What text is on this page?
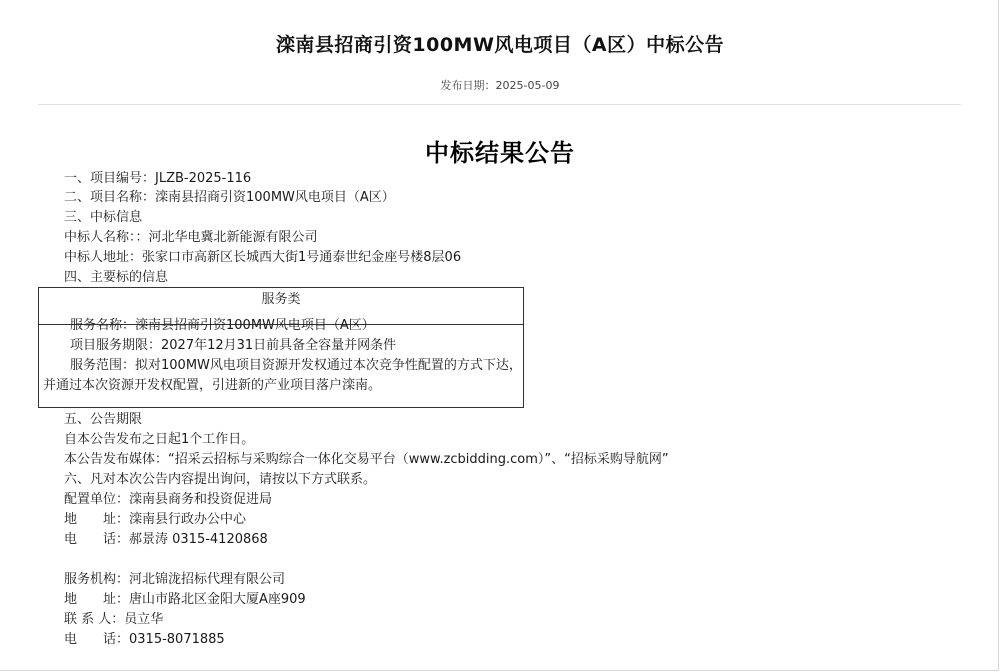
滦南县招商引资100MW风电项目（A区）中标公告
发布日期：2025-05-09
中标结果公告
一、项目编号：JLZB-2025-116
二、项目名称：滦南县招商引资100MW风电项目（A区）
三、中标信息
中标人名称：：河北华电冀北新能源有限公司
中标人地址：张家口市高新区长城西大街1号通泰世纪金座号楼8层06
四、主要标的信息
服务类
服务名称：滦南县招商引资100MW风电项目（A区）
项目服务期限：2027年12月31日前具备全容量并网条件
服务范围：拟对100MW风电项目资源开发权通过本次竞争性配置的方式下达，
并通过本次资源开发权配置，引进新的产业项目落户滦南。
五、公告期限
自本公告发布之日起1个工作日。
本公告发布媒体：“招采云招标与采购综合一体化交易平台（www.zcbidding.com）”、“招标采购导航网”
六、凡对本次公告内容提出询问，请按以下方式联系。
配置单位：滦南县商务和投资促进局
地　　址：滦南县行政办公中心
电　　话：郝景涛 0315-4120868
服务机构：河北锦泷招标代理有限公司
地　　址：唐山市路北区金阳大厦A座909
联 系 人：员立华
电　　话：0315-8071885
